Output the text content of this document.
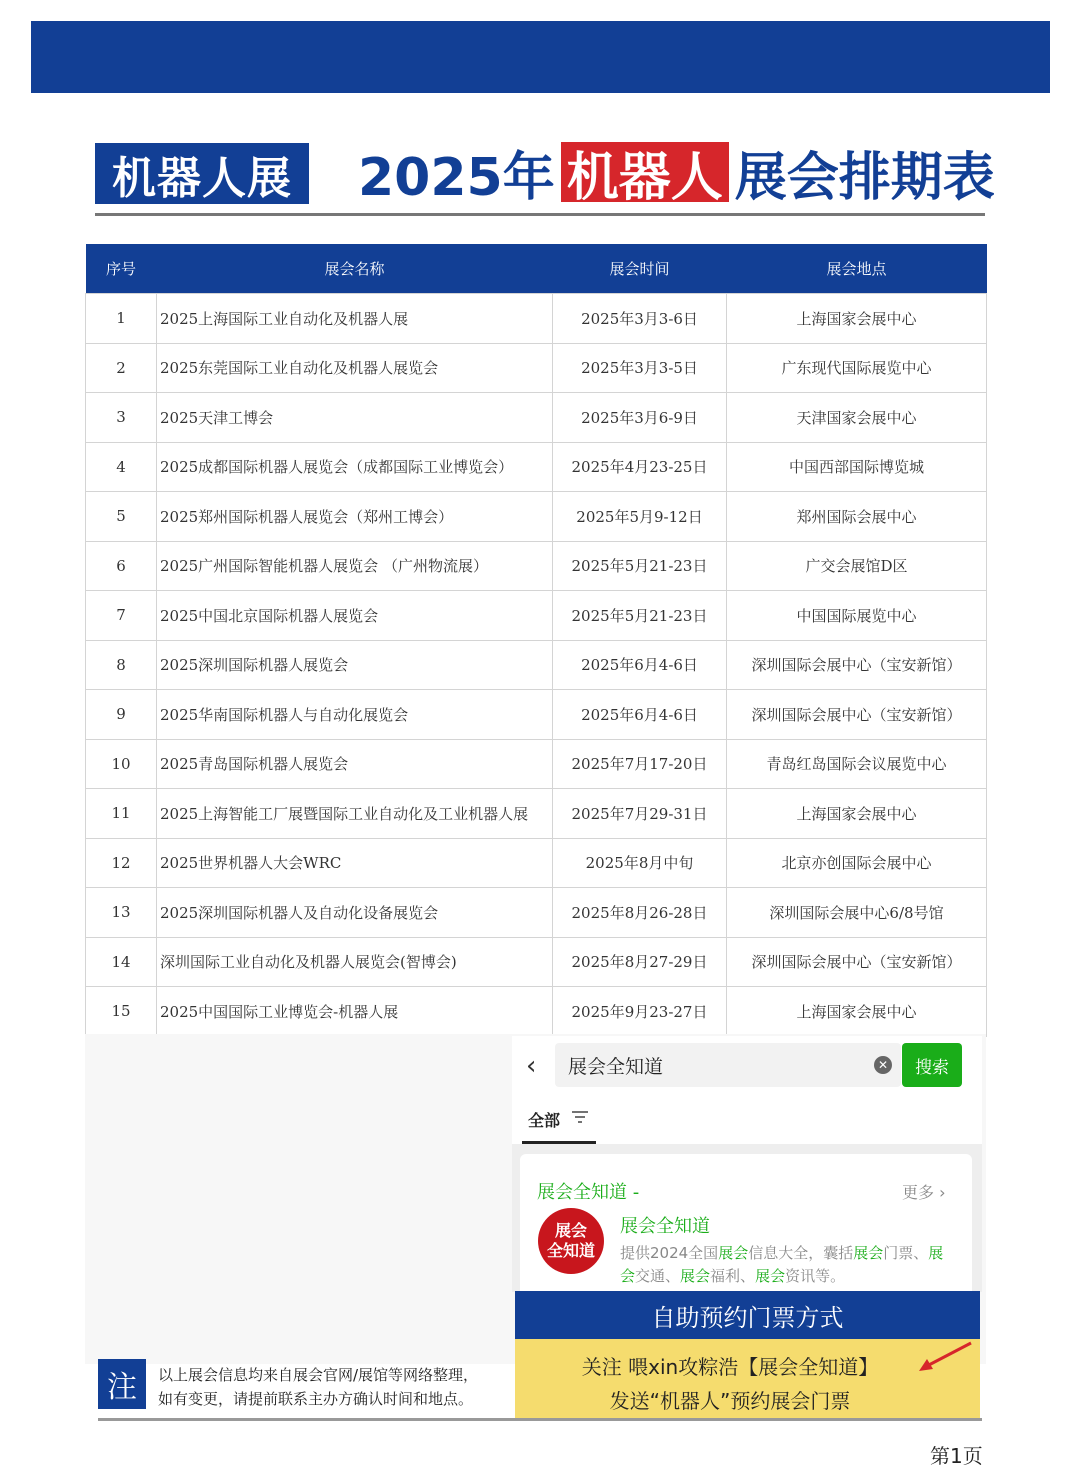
机器人展	2025年 机器人 展会排期表
序号	展会名称	展会时间	展会地点
1	2025上海国际工业自动化及机器人展	2025年3月3-6日	上海国家会展中心
2	2025东莞国际工业自动化及机器人展览会	2025年3月3-5日	广东现代国际展览中心
3	2025天津工博会	2025年3月6-9日	天津国家会展中心
4	2025成都国际机器人展览会（成都国际工业博览会）	2025年4月23-25日	中国西部国际博览城
5	2025郑州国际机器人展览会（郑州工博会）	2025年5月9-12日	郑州国际会展中心
6	2025广州国际智能机器人展览会 （广州物流展）	2025年5月21-23日	广交会展馆D区
7	2025中国北京国际机器人展览会	2025年5月21-23日	中国国际展览中心
8	2025深圳国际机器人展览会	2025年6月4-6日	深圳国际会展中心（宝安新馆）
9	2025华南国际机器人与自动化展览会	2025年6月4-6日	深圳国际会展中心（宝安新馆）
10	2025青岛国际机器人展览会	2025年7月17-20日	青岛红岛国际会议展览中心
11	2025上海智能工厂展暨国际工业自动化及工业机器人展	2025年7月29-31日	上海国家会展中心
12	2025世界机器人大会WRC	2025年8月中旬	北京亦创国际会展中心
13	2025深圳国际机器人及自动化设备展览会	2025年8月26-28日	深圳国际会展中心6/8号馆
14	深圳国际工业自动化及机器人展览会(智博会)	2025年8月27-29日	深圳国际会展中心（宝安新馆）
15	2025中国国际工业博览会-机器人展	2025年9月23-27日	上海国家会展中心
‹ 展会全知道	✕	搜索
全部
展会全知道 -	更多 ›
展会
全知道
展会全知道
提供2024全国展会信息大全，囊括展会门票、展会交通、展会福利、展会资讯等。
自助预约门票方式
关注 喂xin攻粽浩【展会全知道】
发送“机器人”预约展会门票
注	以上展会信息均来自展会官网/展馆等网络整理，
如有变更，请提前联系主办方确认时间和地点。
第1页
